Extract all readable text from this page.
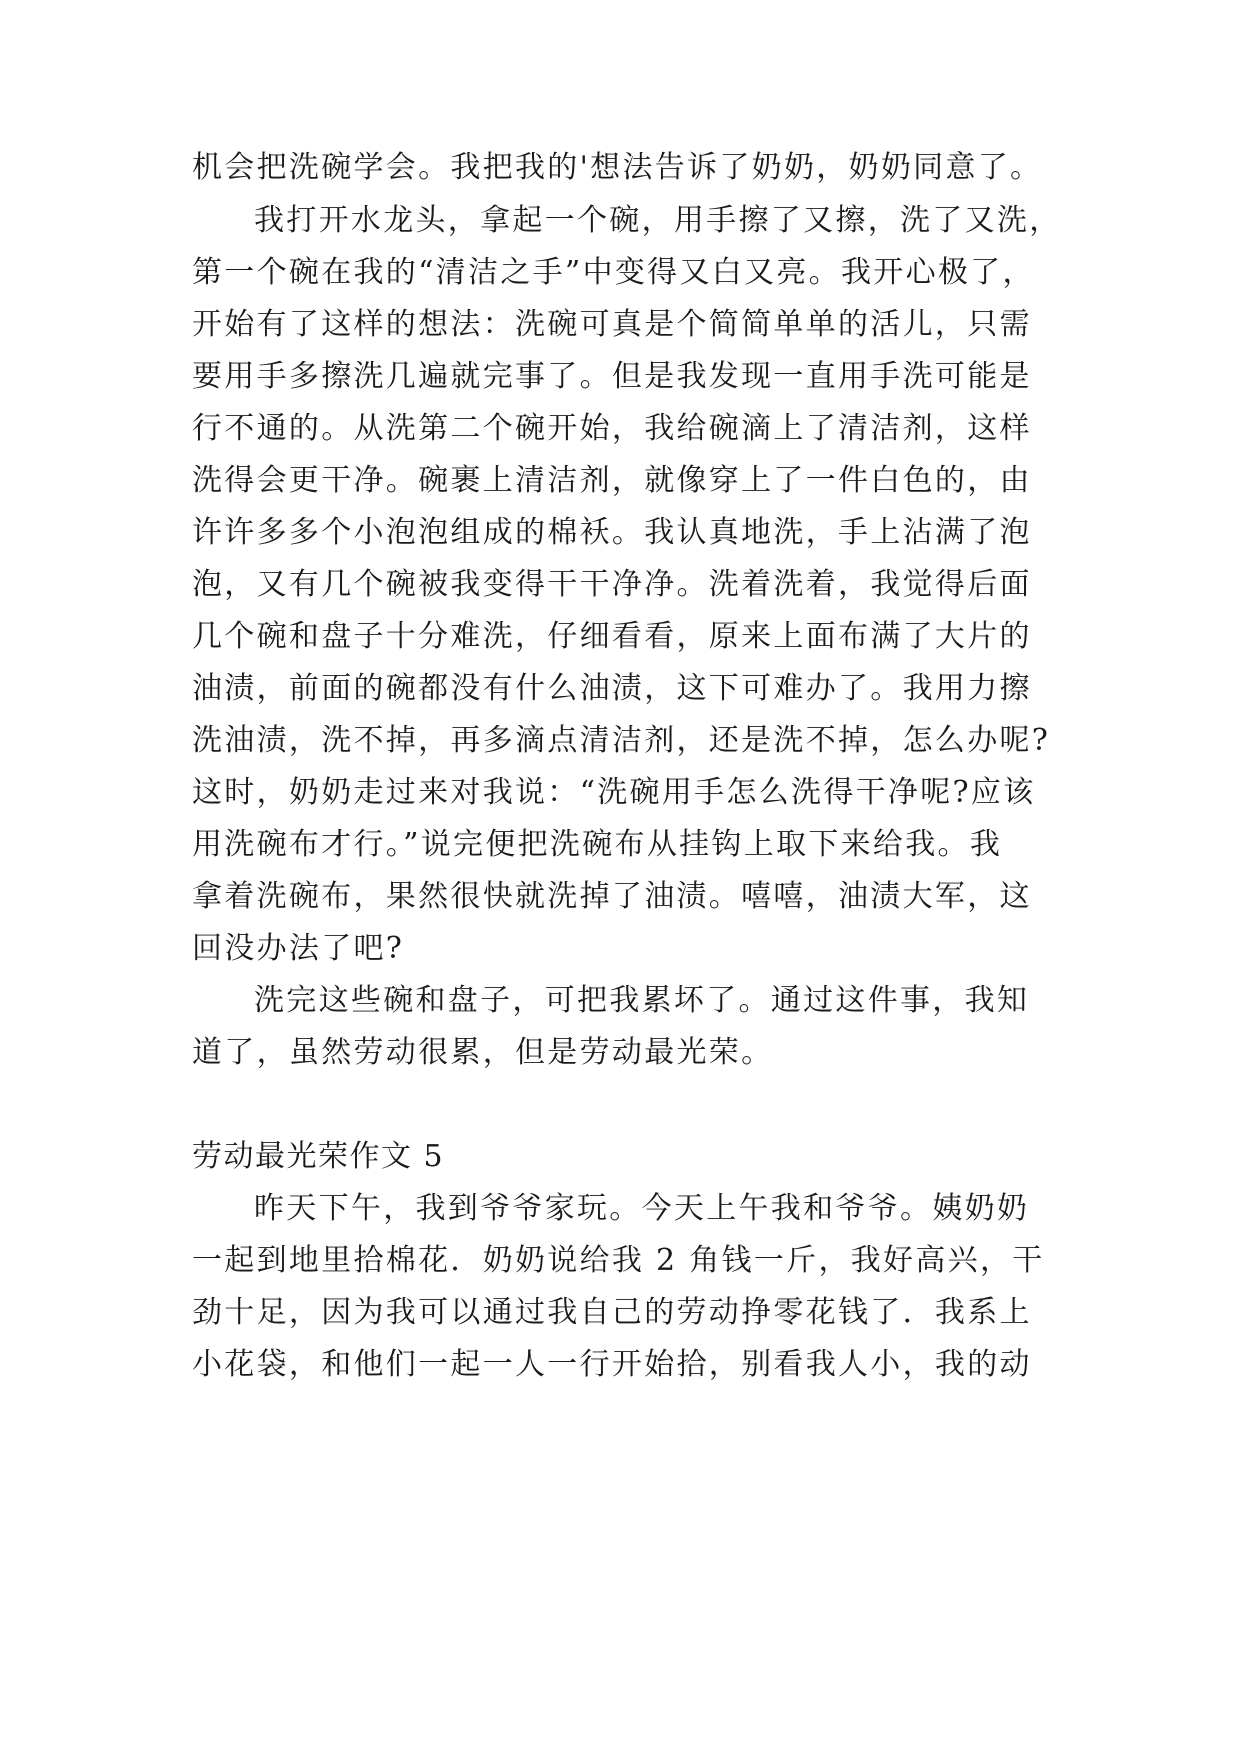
机会把洗碗学会。我把我的'想法告诉了奶奶，奶奶同意了。
我打开水龙头，拿起一个碗，用手擦了又擦，洗了又洗，
第一个碗在我的“清洁之手”中变得又白又亮。我开心极了，
开始有了这样的想法：洗碗可真是个简简单单的活儿，只需
要用手多擦洗几遍就完事了。但是我发现一直用手洗可能是
行不通的。从洗第二个碗开始，我给碗滴上了清洁剂，这样
洗得会更干净。碗裹上清洁剂，就像穿上了一件白色的，由
许许多多个小泡泡组成的棉袄。我认真地洗，手上沾满了泡
泡，又有几个碗被我变得干干净净。洗着洗着，我觉得后面
几个碗和盘子十分难洗，仔细看看，原来上面布满了大片的
油渍，前面的碗都没有什么油渍，这下可难办了。我用力擦
洗油渍，洗不掉，再多滴点清洁剂，还是洗不掉，怎么办呢?
这时，奶奶走过来对我说：“洗碗用手怎么洗得干净呢?应该
用洗碗布才行。”说完便把洗碗布从挂钩上取下来给我。我
拿着洗碗布，果然很快就洗掉了油渍。嘻嘻，油渍大军，这
回没办法了吧?
洗完这些碗和盘子，可把我累坏了。通过这件事，我知
道了，虽然劳动很累，但是劳动最光荣。
劳动最光荣作文 5
昨天下午，我到爷爷家玩。今天上午我和爷爷。姨奶奶
一起到地里拾棉花．奶奶说给我 2 角钱一斤，我好高兴，干
劲十足，因为我可以通过我自己的劳动挣零花钱了．我系上
小花袋，和他们一起一人一行开始拾，别看我人小，我的动
